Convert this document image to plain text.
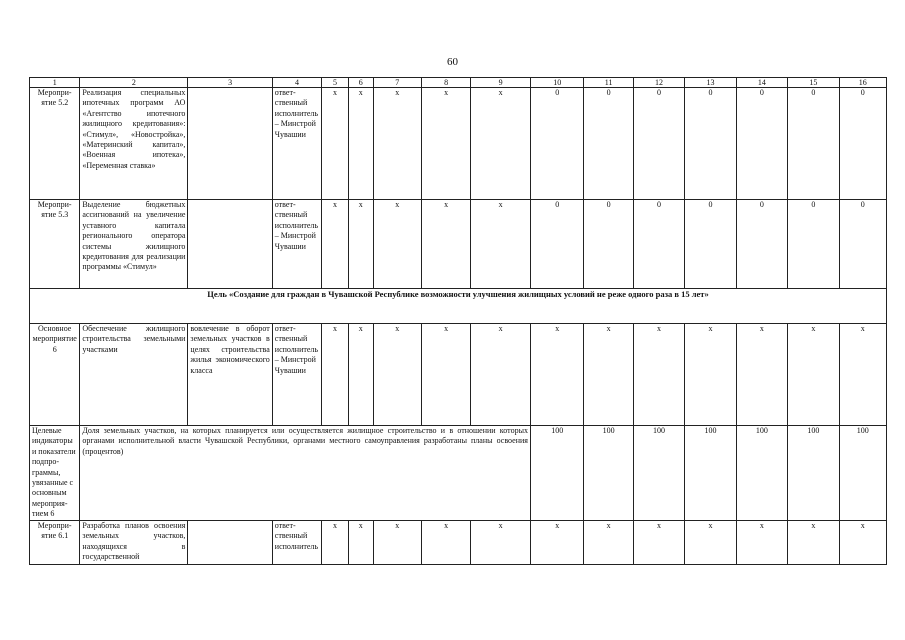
60
1	2	3	4	5	6	7	8	9	10	11	12	13	14	15	16
Мероприятие 5.2	Реализация специальных ипотечных программ АО «Агентство ипотечного жилищного кредитования»: «Стимул», «Новостройка», «Материнский капитал», «Военная ипотека», «Переменная ставка»		ответственный исполнитель – Минстрой Чувашии	x	x	x	x	x	0	0	0	0	0	0	0
Мероприятие 5.3	Выделение бюджетных ассигнований на увеличение уставного капитала регионального оператора системы жилищного кредитования для реализации программы «Стимул»		ответственный исполнитель – Минстрой Чувашии	x	x	x	x	x	0	0	0	0	0	0	0
Цель «Создание для граждан в Чувашской Республике возможности улучшения жилищных условий не реже одного раза в 15 лет»															
Основное мероприятие 6	Обеспечение жилищного строительства земельными участками	вовлечение в оборот земельных участков в целях строительства жилья экономического класса	ответственный исполнитель – Минстрой Чувашии	x	x	x	x	x	x	x	x	x	x	x	x
Целевые индикаторы и показатели подпрограммы, увязанные с основным мероприятием 6	Доля земельных участков, на которых планируется или осуществляется жилищное строительство и в отношении которых органами исполнительной власти Чувашской Республики, органами местного самоуправления разработаны планы освоения (процентов)								100	100	100	100	100	100	100
Мероприятие 6.1	Разработка планов освоения земельных участков, находящихся в государственной		ответственный исполнитель	x	x	x	x	x	x	x	x	x	x	x	x
